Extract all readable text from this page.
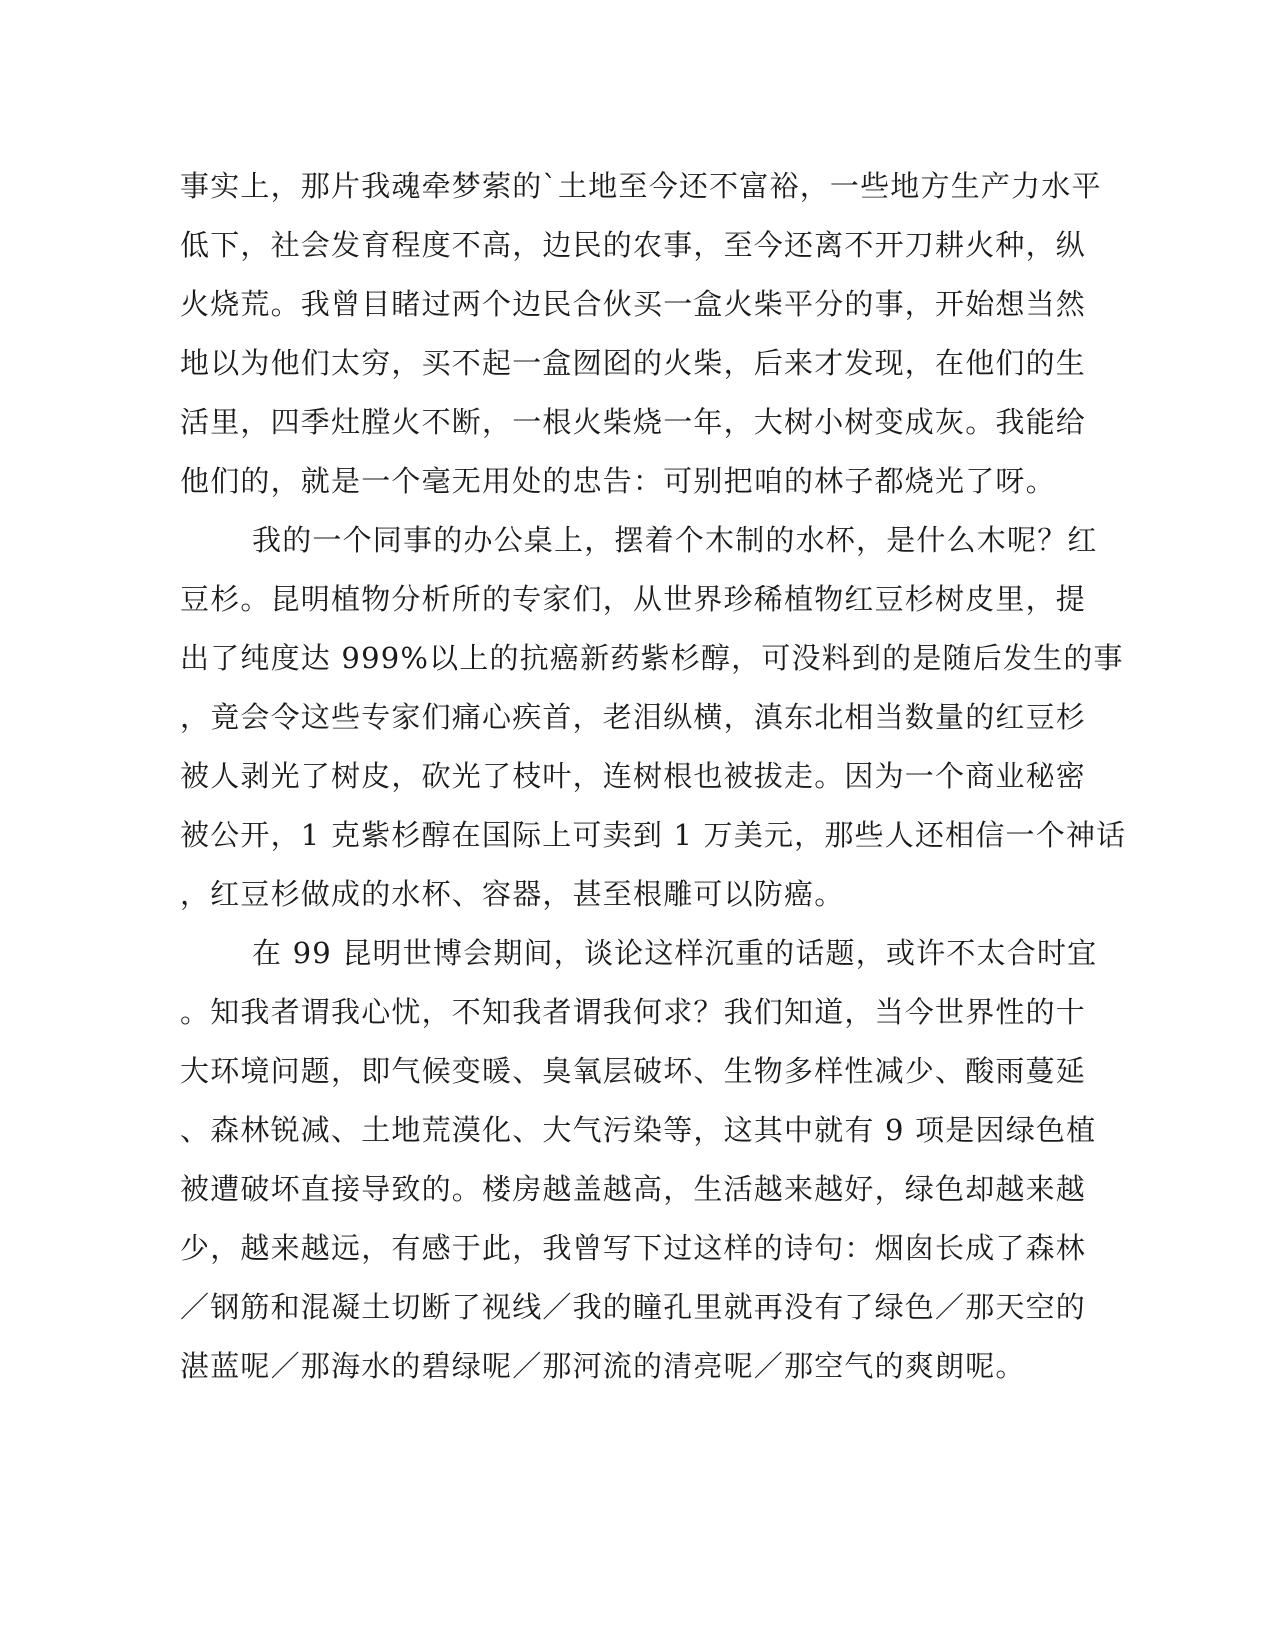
事实上，那片我魂牵梦萦的`土地至今还不富裕，一些地方生产力水平
低下，社会发育程度不高，边民的农事，至今还离不开刀耕火种，纵
火烧荒。我曾目睹过两个边民合伙买一盒火柴平分的事，开始想当然
地以为他们太穷，买不起一盒囫囵的火柴，后来才发现，在他们的生
活里，四季灶膛火不断，一根火柴烧一年，大树小树变成灰。我能给
他们的，就是一个毫无用处的忠告：可别把咱的林子都烧光了呀。
我的一个同事的办公桌上，摆着个木制的水杯，是什么木呢？红
豆杉。昆明植物分析所的专家们，从世界珍稀植物红豆杉树皮里，提
出了纯度达 999%以上的抗癌新药紫杉醇，可没料到的是随后发生的事
，竟会令这些专家们痛心疾首，老泪纵横，滇东北相当数量的红豆杉
被人剥光了树皮，砍光了枝叶，连树根也被拔走。因为一个商业秘密
被公开，1 克紫杉醇在国际上可卖到 1 万美元，那些人还相信一个神话
，红豆杉做成的水杯、容器，甚至根雕可以防癌。
在 99 昆明世博会期间，谈论这样沉重的话题，或许不太合时宜
。知我者谓我心忧，不知我者谓我何求？我们知道，当今世界性的十
大环境问题，即气候变暖、臭氧层破坏、生物多样性减少、酸雨蔓延
、森林锐减、土地荒漠化、大气污染等，这其中就有 9 项是因绿色植
被遭破坏直接导致的。楼房越盖越高，生活越来越好，绿色却越来越
少，越来越远，有感于此，我曾写下过这样的诗句：烟囱长成了森林
／钢筋和混凝土切断了视线／我的瞳孔里就再没有了绿色／那天空的
湛蓝呢／那海水的碧绿呢／那河流的清亮呢／那空气的爽朗呢。
